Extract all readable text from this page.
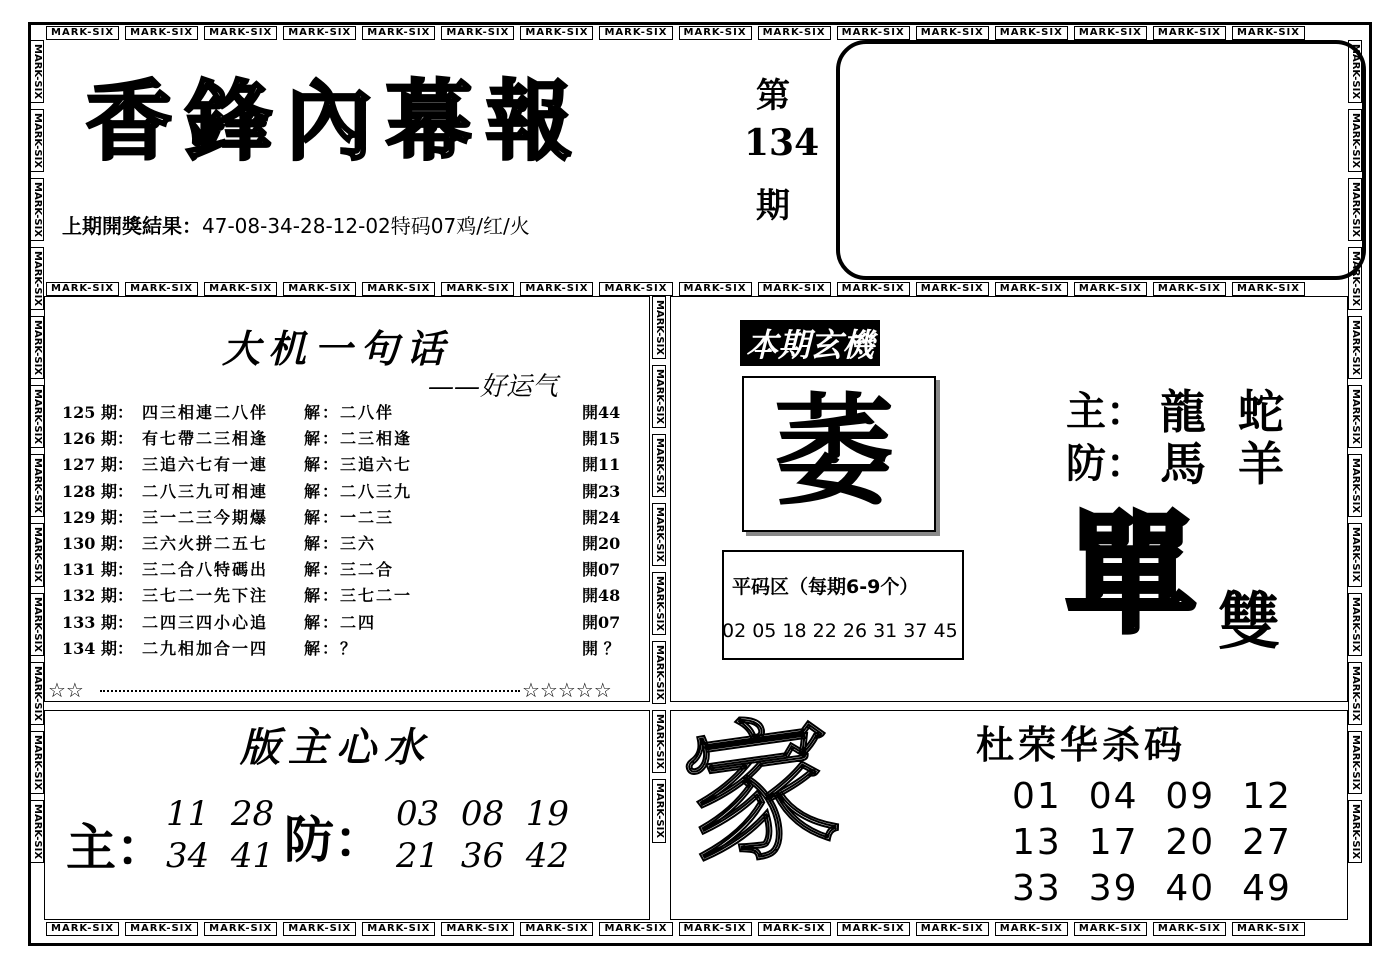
MARK-SIX MARK-SIX MARK-SIX MARK-SIX MARK-SIX MARK-SIX MARK-SIX MARK-SIX MARK-SIX MARK-SIX MARK-SIX MARK-SIX MARK-SIX MARK-SIX MARK-SIX MARK-SIX
MARK-SIX MARK-SIX MARK-SIX MARK-SIX MARK-SIX MARK-SIX MARK-SIX MARK-SIX MARK-SIX MARK-SIX MARK-SIX MARK-SIX MARK-SIX MARK-SIX MARK-SIX MARK-SIX
MARK-SIX MARK-SIX MARK-SIX MARK-SIX MARK-SIX MARK-SIX MARK-SIX MARK-SIX MARK-SIX MARK-SIX MARK-SIX MARK-SIX MARK-SIX MARK-SIX MARK-SIX MARK-SIX
MARK-SIX
MARK-SIX
MARK-SIX
MARK-SIX
MARK-SIX
MARK-SIX
MARK-SIX
MARK-SIX
MARK-SIX
MARK-SIX
MARK-SIX
MARK-SIX
MARK-SIX
MARK-SIX
MARK-SIX
MARK-SIX
MARK-SIX
MARK-SIX
MARK-SIX
MARK-SIX
MARK-SIX
MARK-SIX
MARK-SIX
MARK-SIX
MARK-SIX
MARK-SIX
MARK-SIX
MARK-SIX
MARK-SIX
MARK-SIX
MARK-SIX
MARK-SIX
香鋒內幕報	第
134
期
上期開獎結果：47-08-34-28-12-02特码07鸡/红/火
大机一句话
——好运气
125 期： 四三相連二八伴	解：二八伴	開44
126 期： 有七帶二三相逢	解：二三相逢	開15
127 期： 三追六七有一連	解：三追六七	開11
128 期： 二八三九可相連	解：二八三九	開23
129 期： 三一二三今期爆	解：一二三	開24
130 期： 三六火拼二五七	解：三六	開20
131 期： 三二合八特碼出	解：三二合	開07
132 期： 三七二一先下注	解：三七二一	開48
133 期： 二四三四小心追	解：二四	開07
134 期： 二九相加合一四	解：？	開 ？
☆☆	☆☆☆☆☆
本期玄機
萎
平码区（每期6-9个）
02 05 18 22 26 31 37 45
主： 龍 蛇
防： 馬 羊
單 雙
版主心水
主：
11  28
34  41 防： 03  08  19
21  36  42 家	杜荣华杀码
01  04  09  12
13  17  20  27
33  39  40  49
